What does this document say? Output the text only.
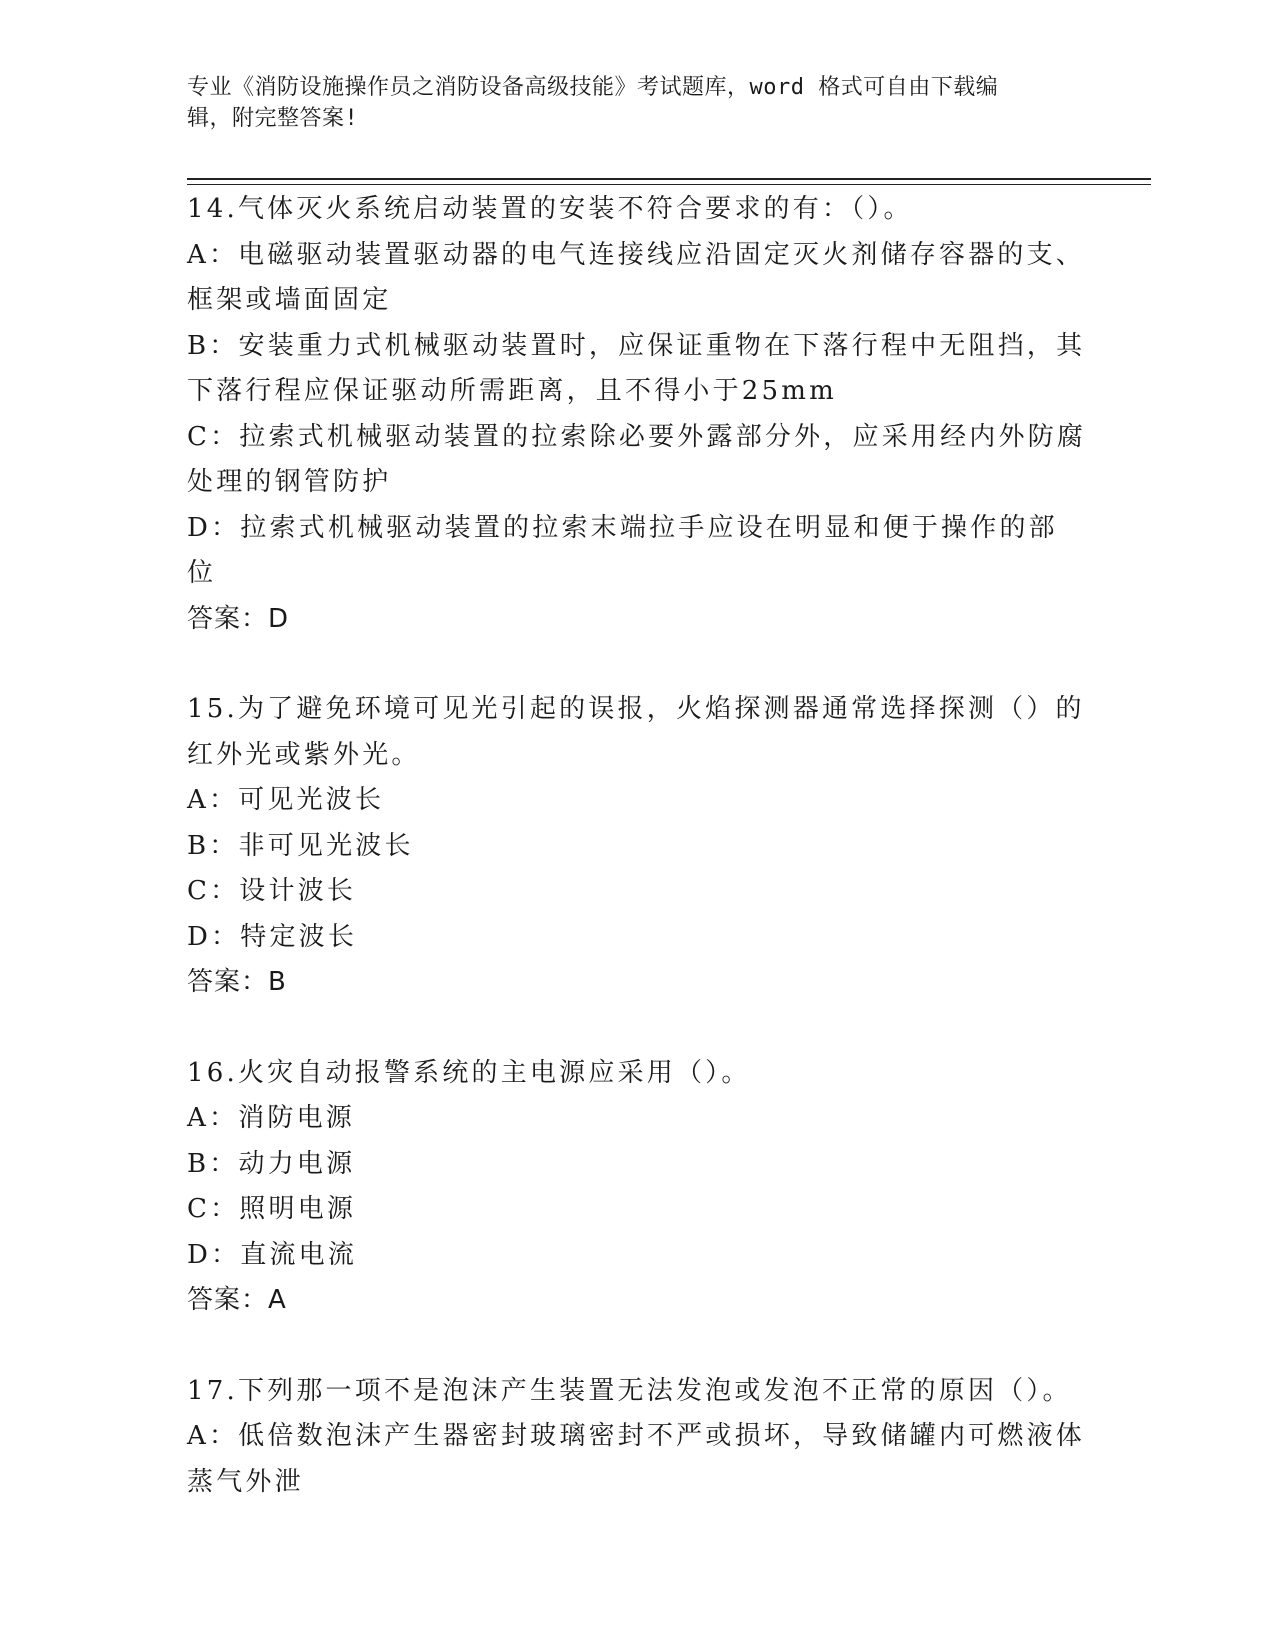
专业《消防设施操作员之消防设备高级技能》考试题库，word 格式可自由下载编
辑，附完整答案!

14.气体灭火系统启动装置的安装不符合要求的有：（）。

A：电磁驱动装置驱动器的电气连接线应沿固定灭火剂储存容器的支、框架或墙面固定

B：安装重力式机械驱动装置时，应保证重物在下落行程中无阻挡，其下落行程应保证驱动所需距离，且不得小于25mm

C：拉索式机械驱动装置的拉索除必要外露部分外，应采用经内外防腐处理的钢管防护

D：拉索式机械驱动装置的拉索末端拉手应设在明显和便于操作的部位

答案：D

15.为了避免环境可见光引起的误报，火焰探测器通常选择探测（）的红外光或紫外光。

A：可见光波长

B：非可见光波长

C：设计波长

D：特定波长

答案：B

16.火灾自动报警系统的主电源应采用（）。

A：消防电源

B：动力电源

C：照明电源

D：直流电流

答案：A

17.下列那一项不是泡沫产生装置无法发泡或发泡不正常的原因（）。

A：低倍数泡沫产生器密封玻璃密封不严或损坏，导致储罐内可燃液体蒸气外泄
